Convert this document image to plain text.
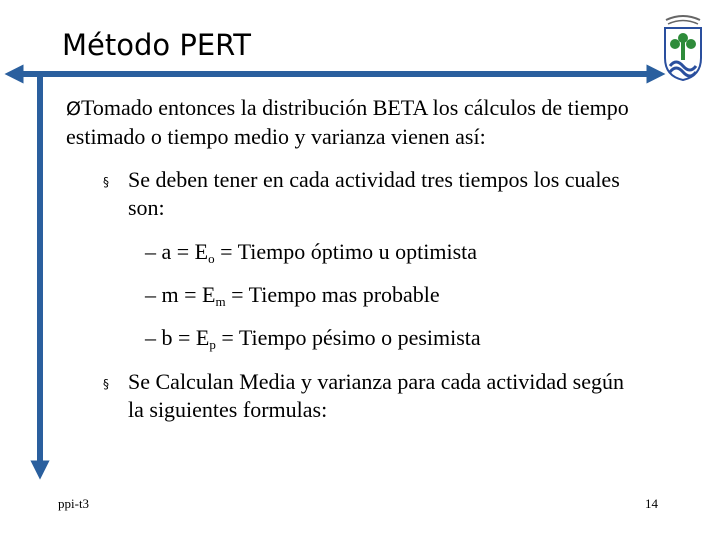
Método PERT
ØTomado entonces la distribución BETA los cálculos de tiempo estimado o tiempo medio y varianza vienen así:
§ Se deben tener en cada actividad tres tiempos los cuales son:
– $a = E_o$ = Tiempo óptimo u optimista
– $m = E_m$ = Tiempo mas probable
– $b = E_p$ = Tiempo pésimo o pesimista
§ Se Calculan Media y varianza para cada actividad según la siguientes formulas:
ppi-t3	14
